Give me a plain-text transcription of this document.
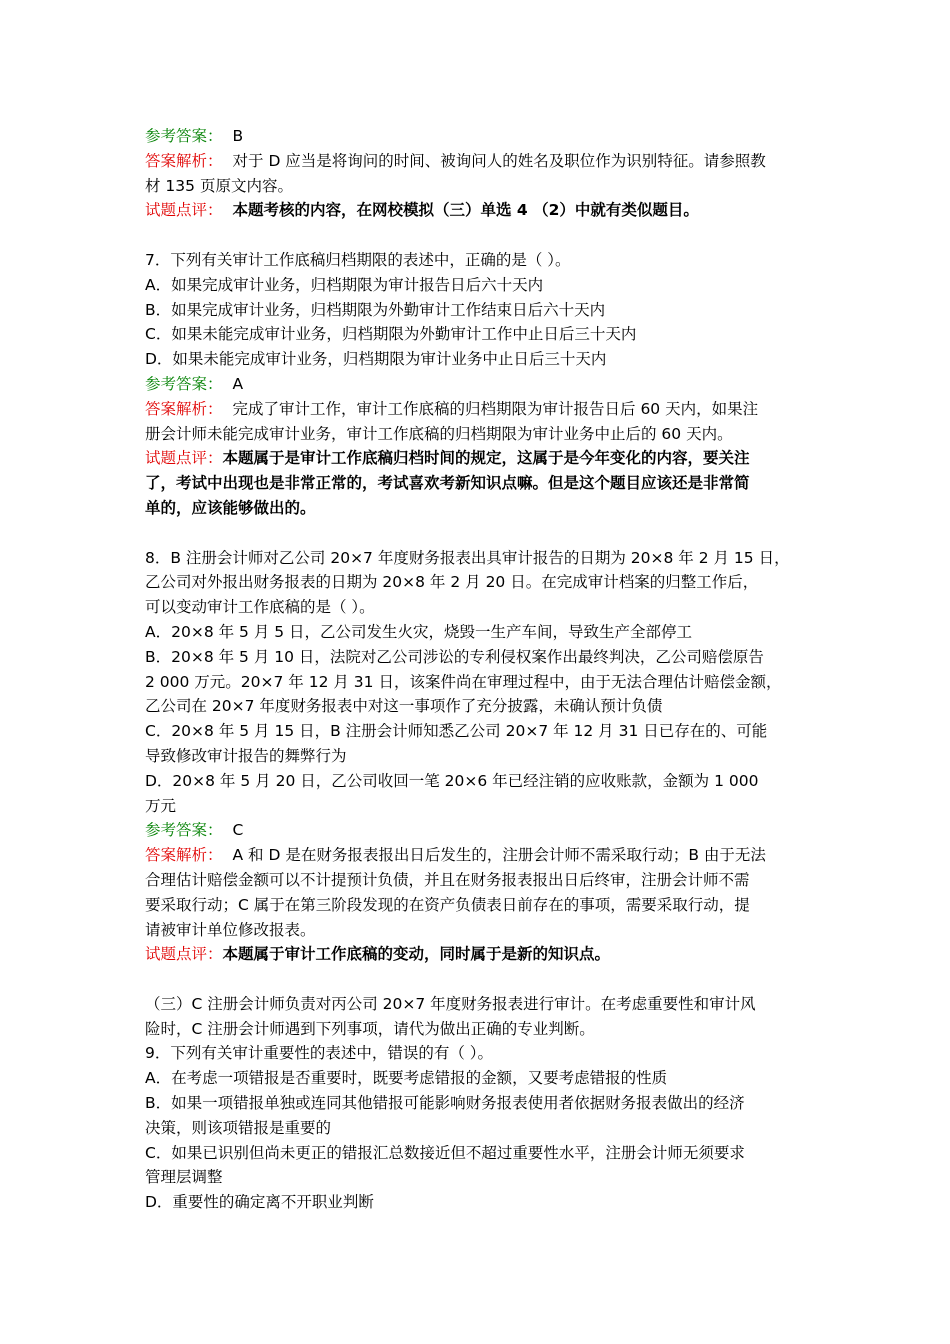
参考答案： B
答案解析： 对于 D 应当是将询问的时间、被询问人的姓名及职位作为识别特征。请参照教
材 135 页原文内容。
试题点评： 本题考核的内容，在网校模拟（三）单选 4 （2）中就有类似题目。
7．下列有关审计工作底稿归档期限的表述中，正确的是（ ）。
A．如果完成审计业务，归档期限为审计报告日后六十天内
B．如果完成审计业务，归档期限为外勤审计工作结束日后六十天内
C．如果未能完成审计业务，归档期限为外勤审计工作中止日后三十天内
D．如果未能完成审计业务，归档期限为审计业务中止日后三十天内
参考答案： A
答案解析： 完成了审计工作，审计工作底稿的归档期限为审计报告日后 60 天内，如果注
册会计师未能完成审计业务，审计工作底稿的归档期限为审计业务中止后的 60 天内。
试题点评：本题属于是审计工作底稿归档时间的规定，这属于是今年变化的内容，要关注
了，考试中出现也是非常正常的，考试喜欢考新知识点嘛。但是这个题目应该还是非常简
单的，应该能够做出的。
8．B 注册会计师对乙公司 20×7 年度财务报表出具审计报告的日期为 20×8 年 2 月 15 日，
乙公司对外报出财务报表的日期为 20×8 年 2 月 20 日。在完成审计档案的归整工作后，
可以变动审计工作底稿的是（ ）。
A．20×8 年 5 月 5 日，乙公司发生火灾，烧毁一生产车间，导致生产全部停工
B．20×8 年 5 月 10 日，法院对乙公司涉讼的专利侵权案作出最终判决，乙公司赔偿原告
2 000 万元。20×7 年 12 月 31 日，该案件尚在审理过程中，由于无法合理估计赔偿金额，
乙公司在 20×7 年度财务报表中对这一事项作了充分披露，未确认预计负债
C．20×8 年 5 月 15 日，B 注册会计师知悉乙公司 20×7 年 12 月 31 日已存在的、可能
导致修改审计报告的舞弊行为
D．20×8 年 5 月 20 日，乙公司收回一笔 20×6 年已经注销的应收账款，金额为 1 000
万元
参考答案： C
答案解析： A 和 D 是在财务报表报出日后发生的，注册会计师不需采取行动；B 由于无法
合理估计赔偿金额可以不计提预计负债，并且在财务报表报出日后终审，注册会计师不需
要采取行动；C 属于在第三阶段发现的在资产负债表日前存在的事项，需要采取行动，提
请被审计单位修改报表。
试题点评：本题属于审计工作底稿的变动，同时属于是新的知识点。
（三）C 注册会计师负责对丙公司 20×7 年度财务报表进行审计。在考虑重要性和审计风
险时，C 注册会计师遇到下列事项，请代为做出正确的专业判断。
9．下列有关审计重要性的表述中，错误的有（ ）。
A．在考虑一项错报是否重要时，既要考虑错报的金额，又要考虑错报的性质
B．如果一项错报单独或连同其他错报可能影响财务报表使用者依据财务报表做出的经济
决策，则该项错报是重要的
C．如果已识别但尚未更正的错报汇总数接近但不超过重要性水平，注册会计师无须要求
管理层调整
D．重要性的确定离不开职业判断
